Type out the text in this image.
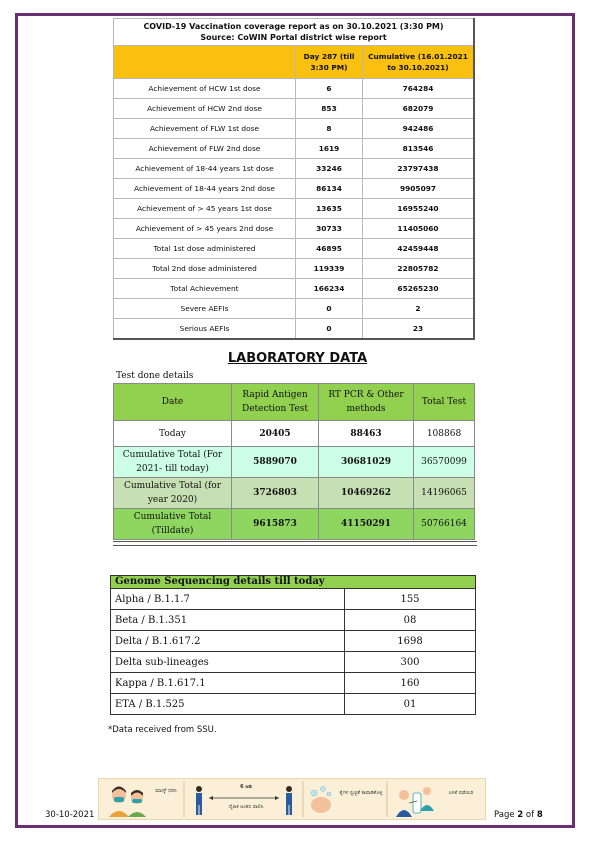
COVID-19 Vaccination coverage report as on 30.10.2021 (3:30 PM)
Source: CoWIN Portal district wise report		

	Day 287 (till 3:30 PM)	Cumulative (16.01.2021 to 30.10.2021)
Achievement of HCW 1st dose	6	764284
Achievement of HCW 2nd dose	853	682079
Achievement of FLW 1st dose	8	942486
Achievement of FLW 2nd dose	1619	813546
Achievement of 18-44 years 1st dose	33246	23797438
Achievement of 18-44 years 2nd dose	86134	9905097
Achievement of > 45 years 1st dose	13635	16955240
Achievement of > 45 years 2nd dose	30733	11405060
Total 1st dose administered	46895	42459448
Total 2nd dose administered	119339	22805782
Total Achievement	166234	65265230
Severe AEFIs	0	2
Serious AEFIs	0	23
LABORATORY DATA
Test done details
Date	Rapid Antigen Detection Test	RT PCR & Other methods	Total Test
Today	20405	88463	108868
Cumulative Total (For 2021- till today)	5889070	30681029	36570099
Cumulative Total (for year 2020)	3726803	10469262	14196065
Cumulative Total (Tilldate)	9615873	41150291	50766164
Genome Sequencing details till today	
Alpha / B.1.1.7	155
Beta / B.1.351	08
Delta / B.1.617.2	1698
Delta sub-lineages	300
Kappa / B.1.617.1	160
ETA / B.1.525	01
*Data received from SSU.
ಮಾಸ್ಕ್ ಧರಿಸಿ
6 ಅಡಿ
ದೈಹಿಕ ಅಂತರ ಪಾಲಿಸಿ
ಕೈಗಳ ಸ್ವಚ್ಛತೆ ಕಾಪಾಡಿಕೊಳ್ಳಿ	ಲಸಿಕೆ ಪಡೆಯಿರಿ
30-10-2021	Page 2 of 8
